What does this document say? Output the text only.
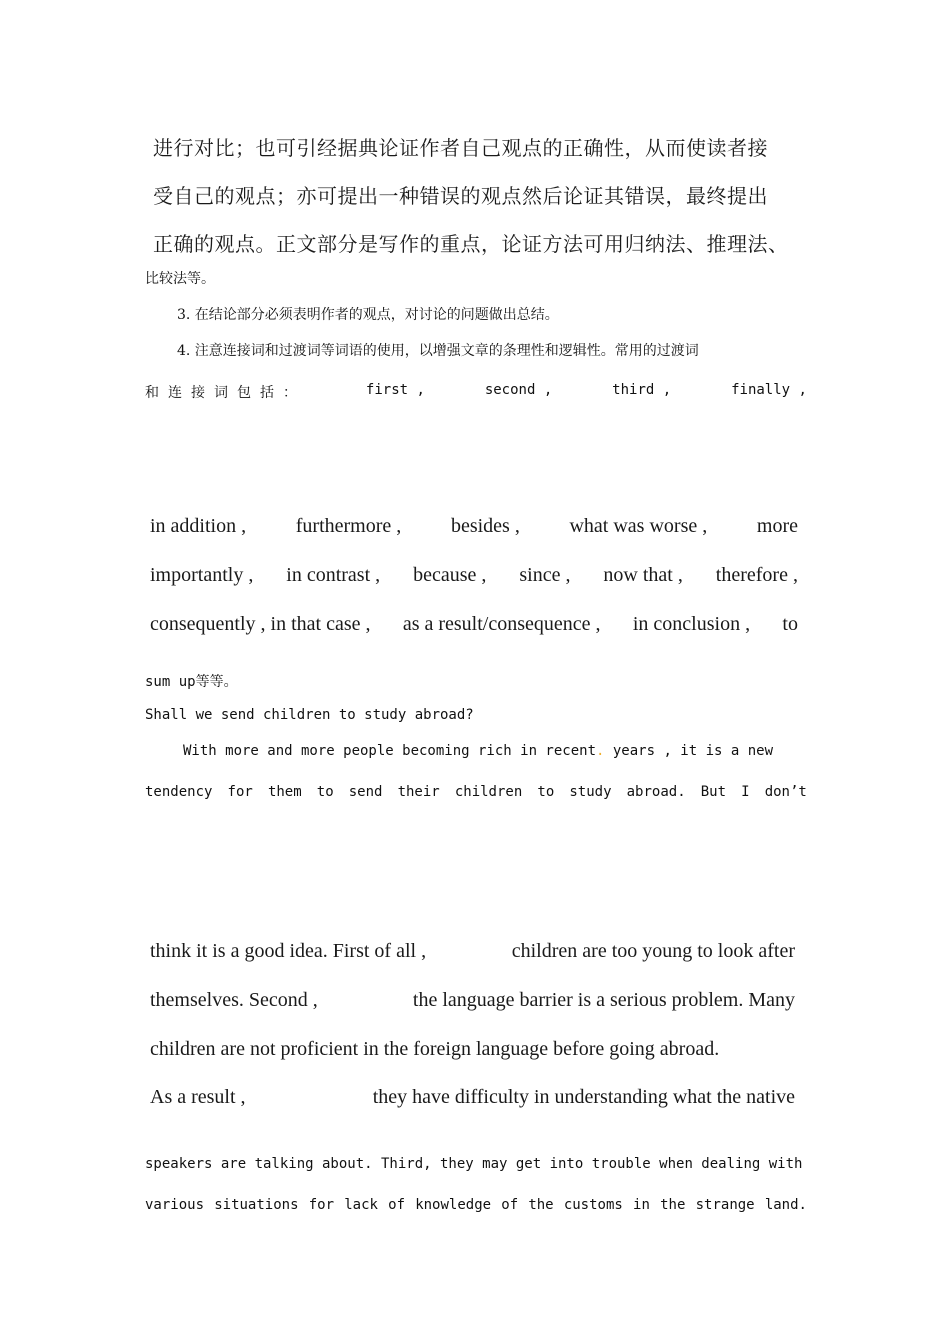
进行对比；也可引经据典论证作者自己观点的正确性，从而使读者接
受自己的观点；亦可提出一种错误的观点然后论证其错误，最终提出
正确的观点。正文部分是写作的重点，论证方法可用归纳法、推理法、
比较法等。
3. 在结论部分必须表明作者的观点，对讨论的问题做出总结。
4. 注意连接词和过渡词等词语的使用，以增强文章的条理性和逻辑性。常用的过渡词
和连接词包括：	first ,	second ,	third ,	finally ,
in addition , furthermore , besides , what was worse , more
importantly , in contrast , because , since , now that , therefore ,
consequently , in that case , as a result/consequence , in conclusion , to
sum up等等。
Shall we send children to study abroad?
With more and more people becoming rich in recent. years , it is a new
tendency for them to send their children to study abroad. But I don’t
think it is a good idea. First of all ,	children are too young to look after
themselves. Second ,	the language barrier is a serious problem. Many
children are not proficient in the foreign language before going abroad.
As a result ,	they have difficulty in understanding what the native
speakers are talking about. Third, they may get into trouble when dealing with
various situations for lack of knowledge of the customs in the strange land.
